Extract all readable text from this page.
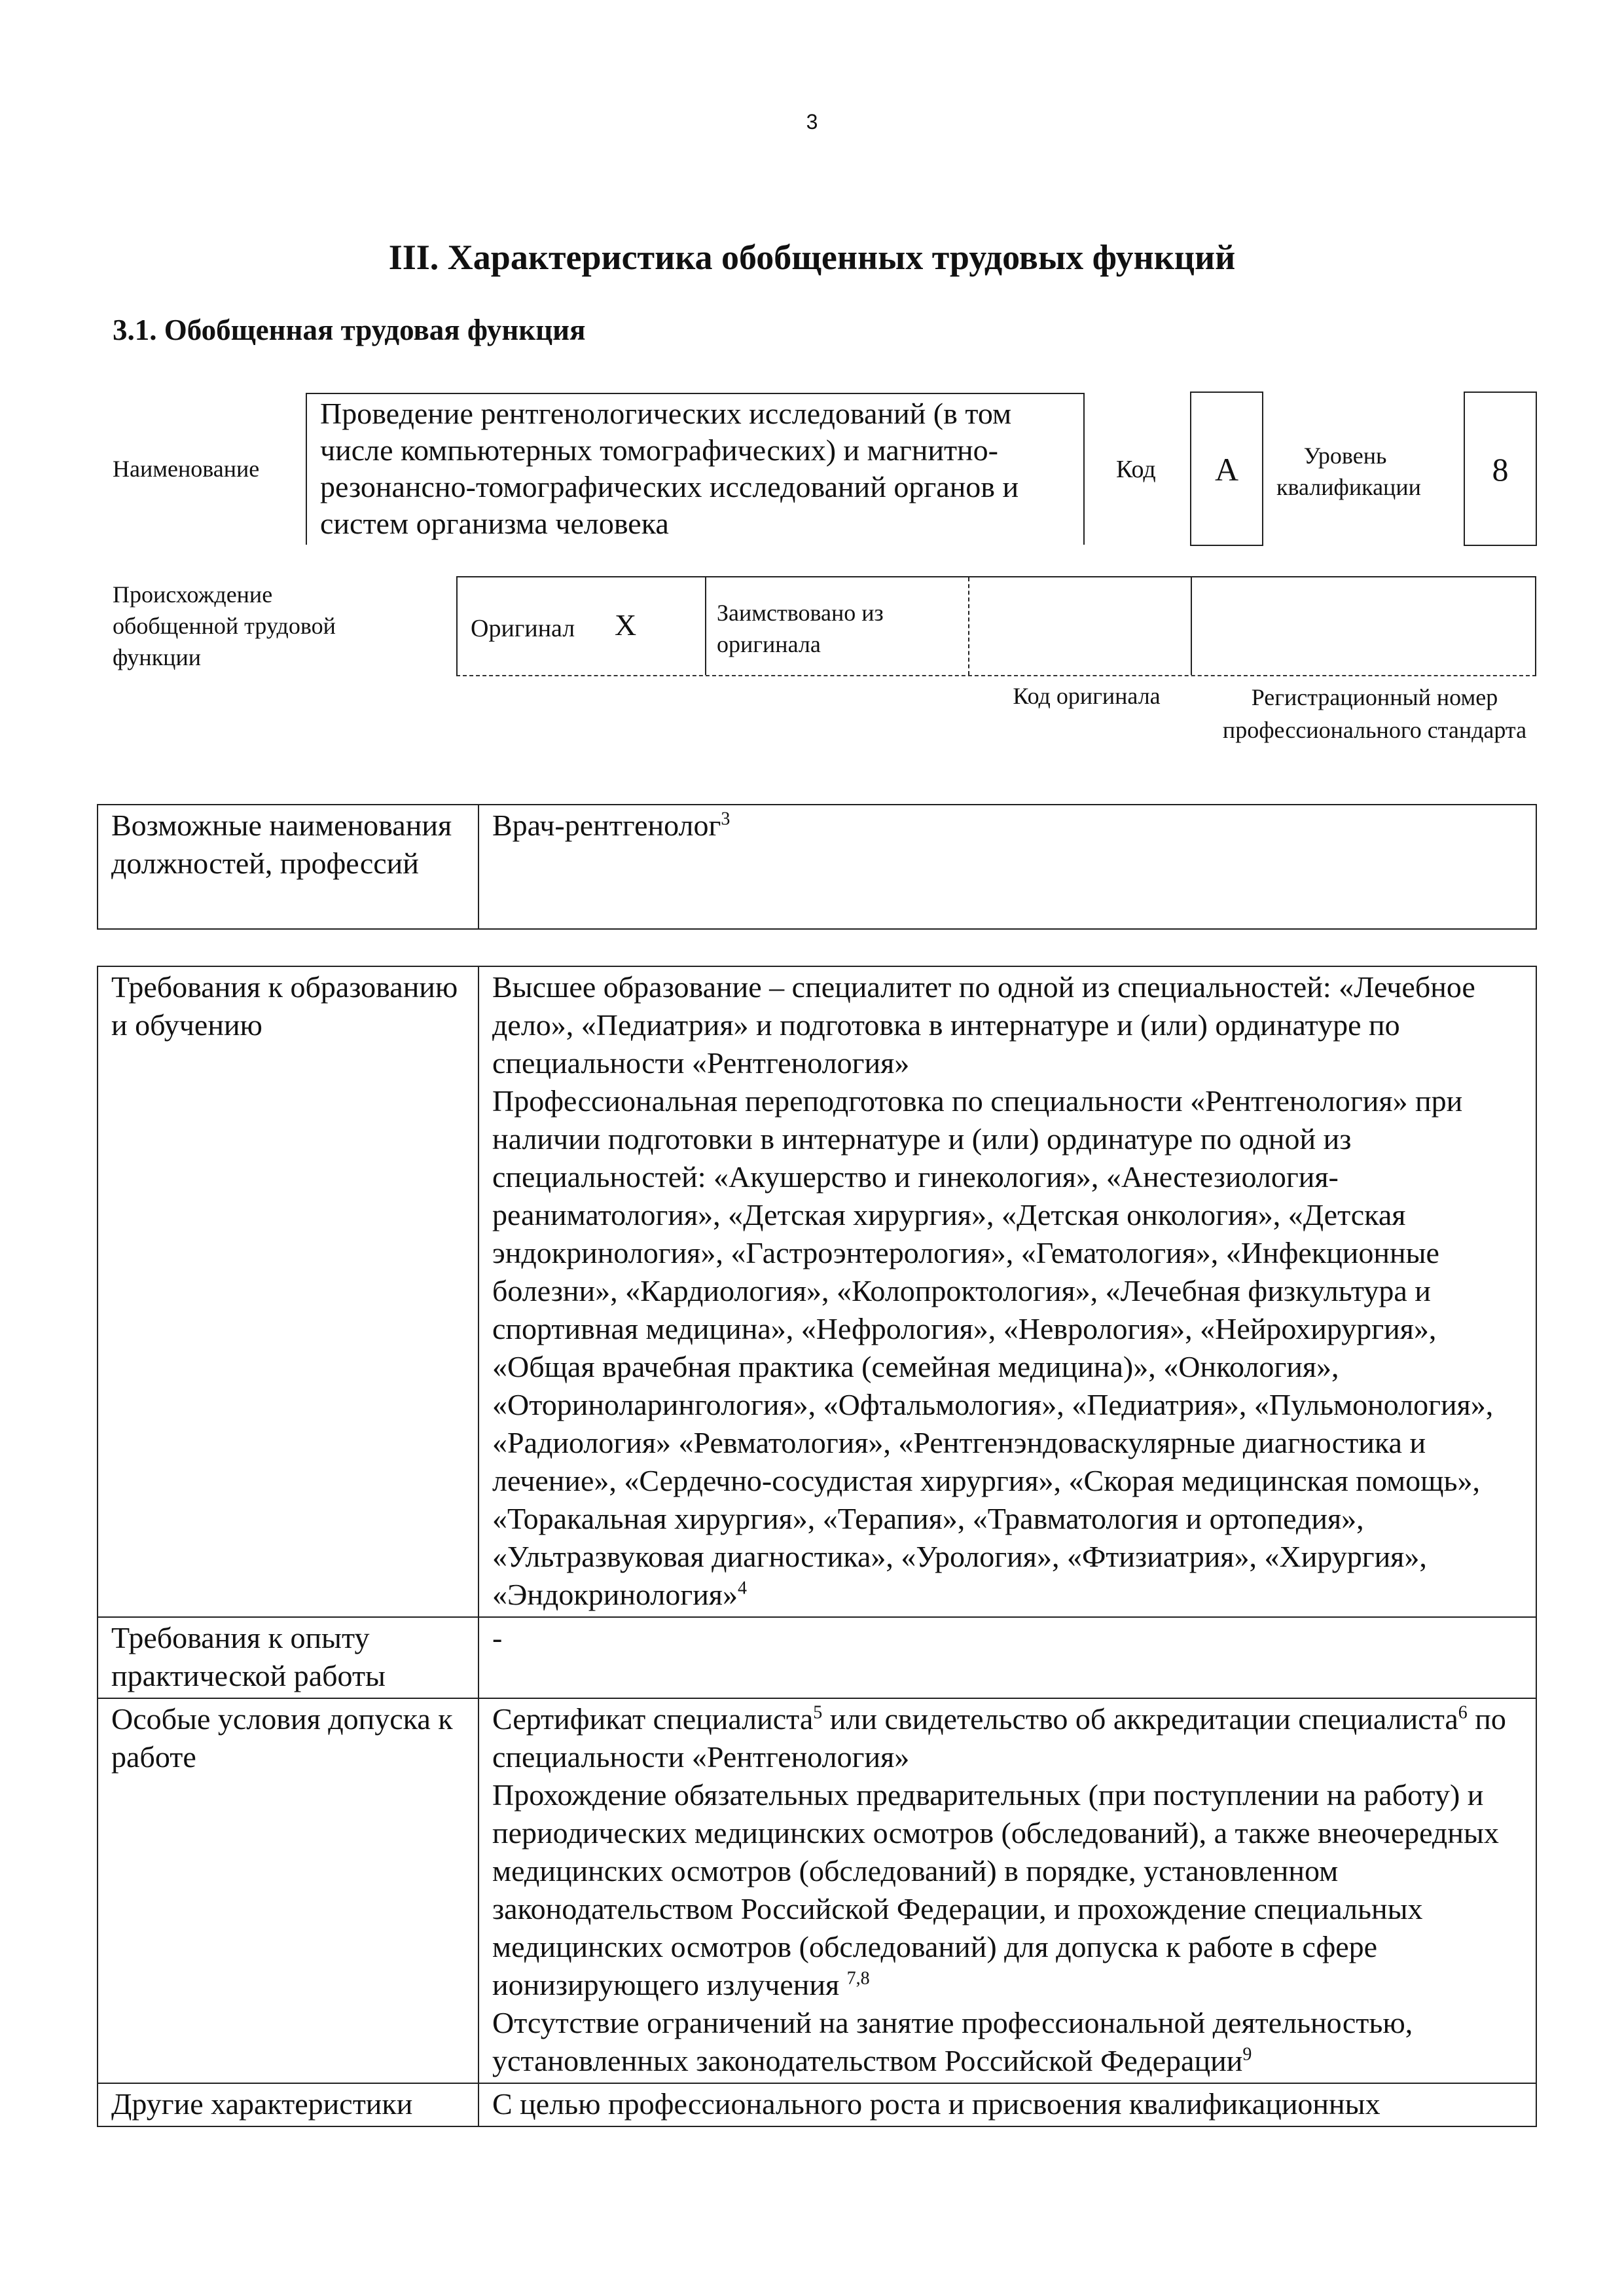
3
III. Характеристика обобщенных трудовых функций
3.1. Обобщенная трудовая функция
Наименование
Проведение рентгенологических исследований (в том числе компьютерных томографических) и магнитно-резонансно-томографических исследований органов и систем организма человека
Код	А	Уровень квалификации	8
Происхождение обобщенной трудовой функции
Оригинал Х	Заимствовано из оригинала
Код оригинала	Регистрационный номер профессионального стандарта
Возможные наименования должностей, профессий	Врач-рентгенолог$^3$
Требования к образованию и обучению	Высшее образование – специалитет по одной из специальностей: «Лечебное дело», «Педиатрия» и подготовка в интернатуре и (или) ординатуре по специальности «Рентгенология»
Профессиональная переподготовка по специальности «Рентгенология» при наличии подготовки в интернатуре и (или) ординатуре по одной из специальностей: «Акушерство и гинекология», «Анестезиология-реаниматология», «Детская хирургия», «Детская онкология», «Детская эндокринология», «Гастроэнтерология», «Гематология», «Инфекционные болезни», «Кардиология», «Колопроктология», «Лечебная физкультура и спортивная медицина», «Нефрология», «Неврология», «Нейрохирургия», «Общая врачебная практика (семейная медицина)», «Онкология», «Оториноларингология», «Офтальмология», «Педиатрия», «Пульмонология», «Радиология» «Ревматология», «Рентгенэндоваскулярные диагностика и лечение», «Сердечно-сосудистая хирургия», «Скорая медицинская помощь», «Торакальная хирургия», «Терапия», «Травматология и ортопедия», «Ультразвуковая диагностика», «Урология», «Фтизиатрия», «Хирургия», «Эндокринология»$^4$

Требования к опыту практической работы	-
Особые условия допуска к работе	Сертификат специалиста$^5$ или свидетельство об аккредитации специалиста$^6$ по специальности «Рентгенология»
Прохождение обязательных предварительных (при поступлении на работу) и периодических медицинских осмотров (обследований), а также внеочередных медицинских осмотров (обследований) в порядке, установленном законодательством Российской Федерации, и прохождение специальных медицинских осмотров (обследований) для допуска к работе в сфере ионизирующего излучения $^{7,8}$
Отсутствие ограничений на занятие профессиональной деятельностью, установленных законодательством Российской Федерации$^9$

Другие характеристики	С целью профессионального роста и присвоения квалификационных
